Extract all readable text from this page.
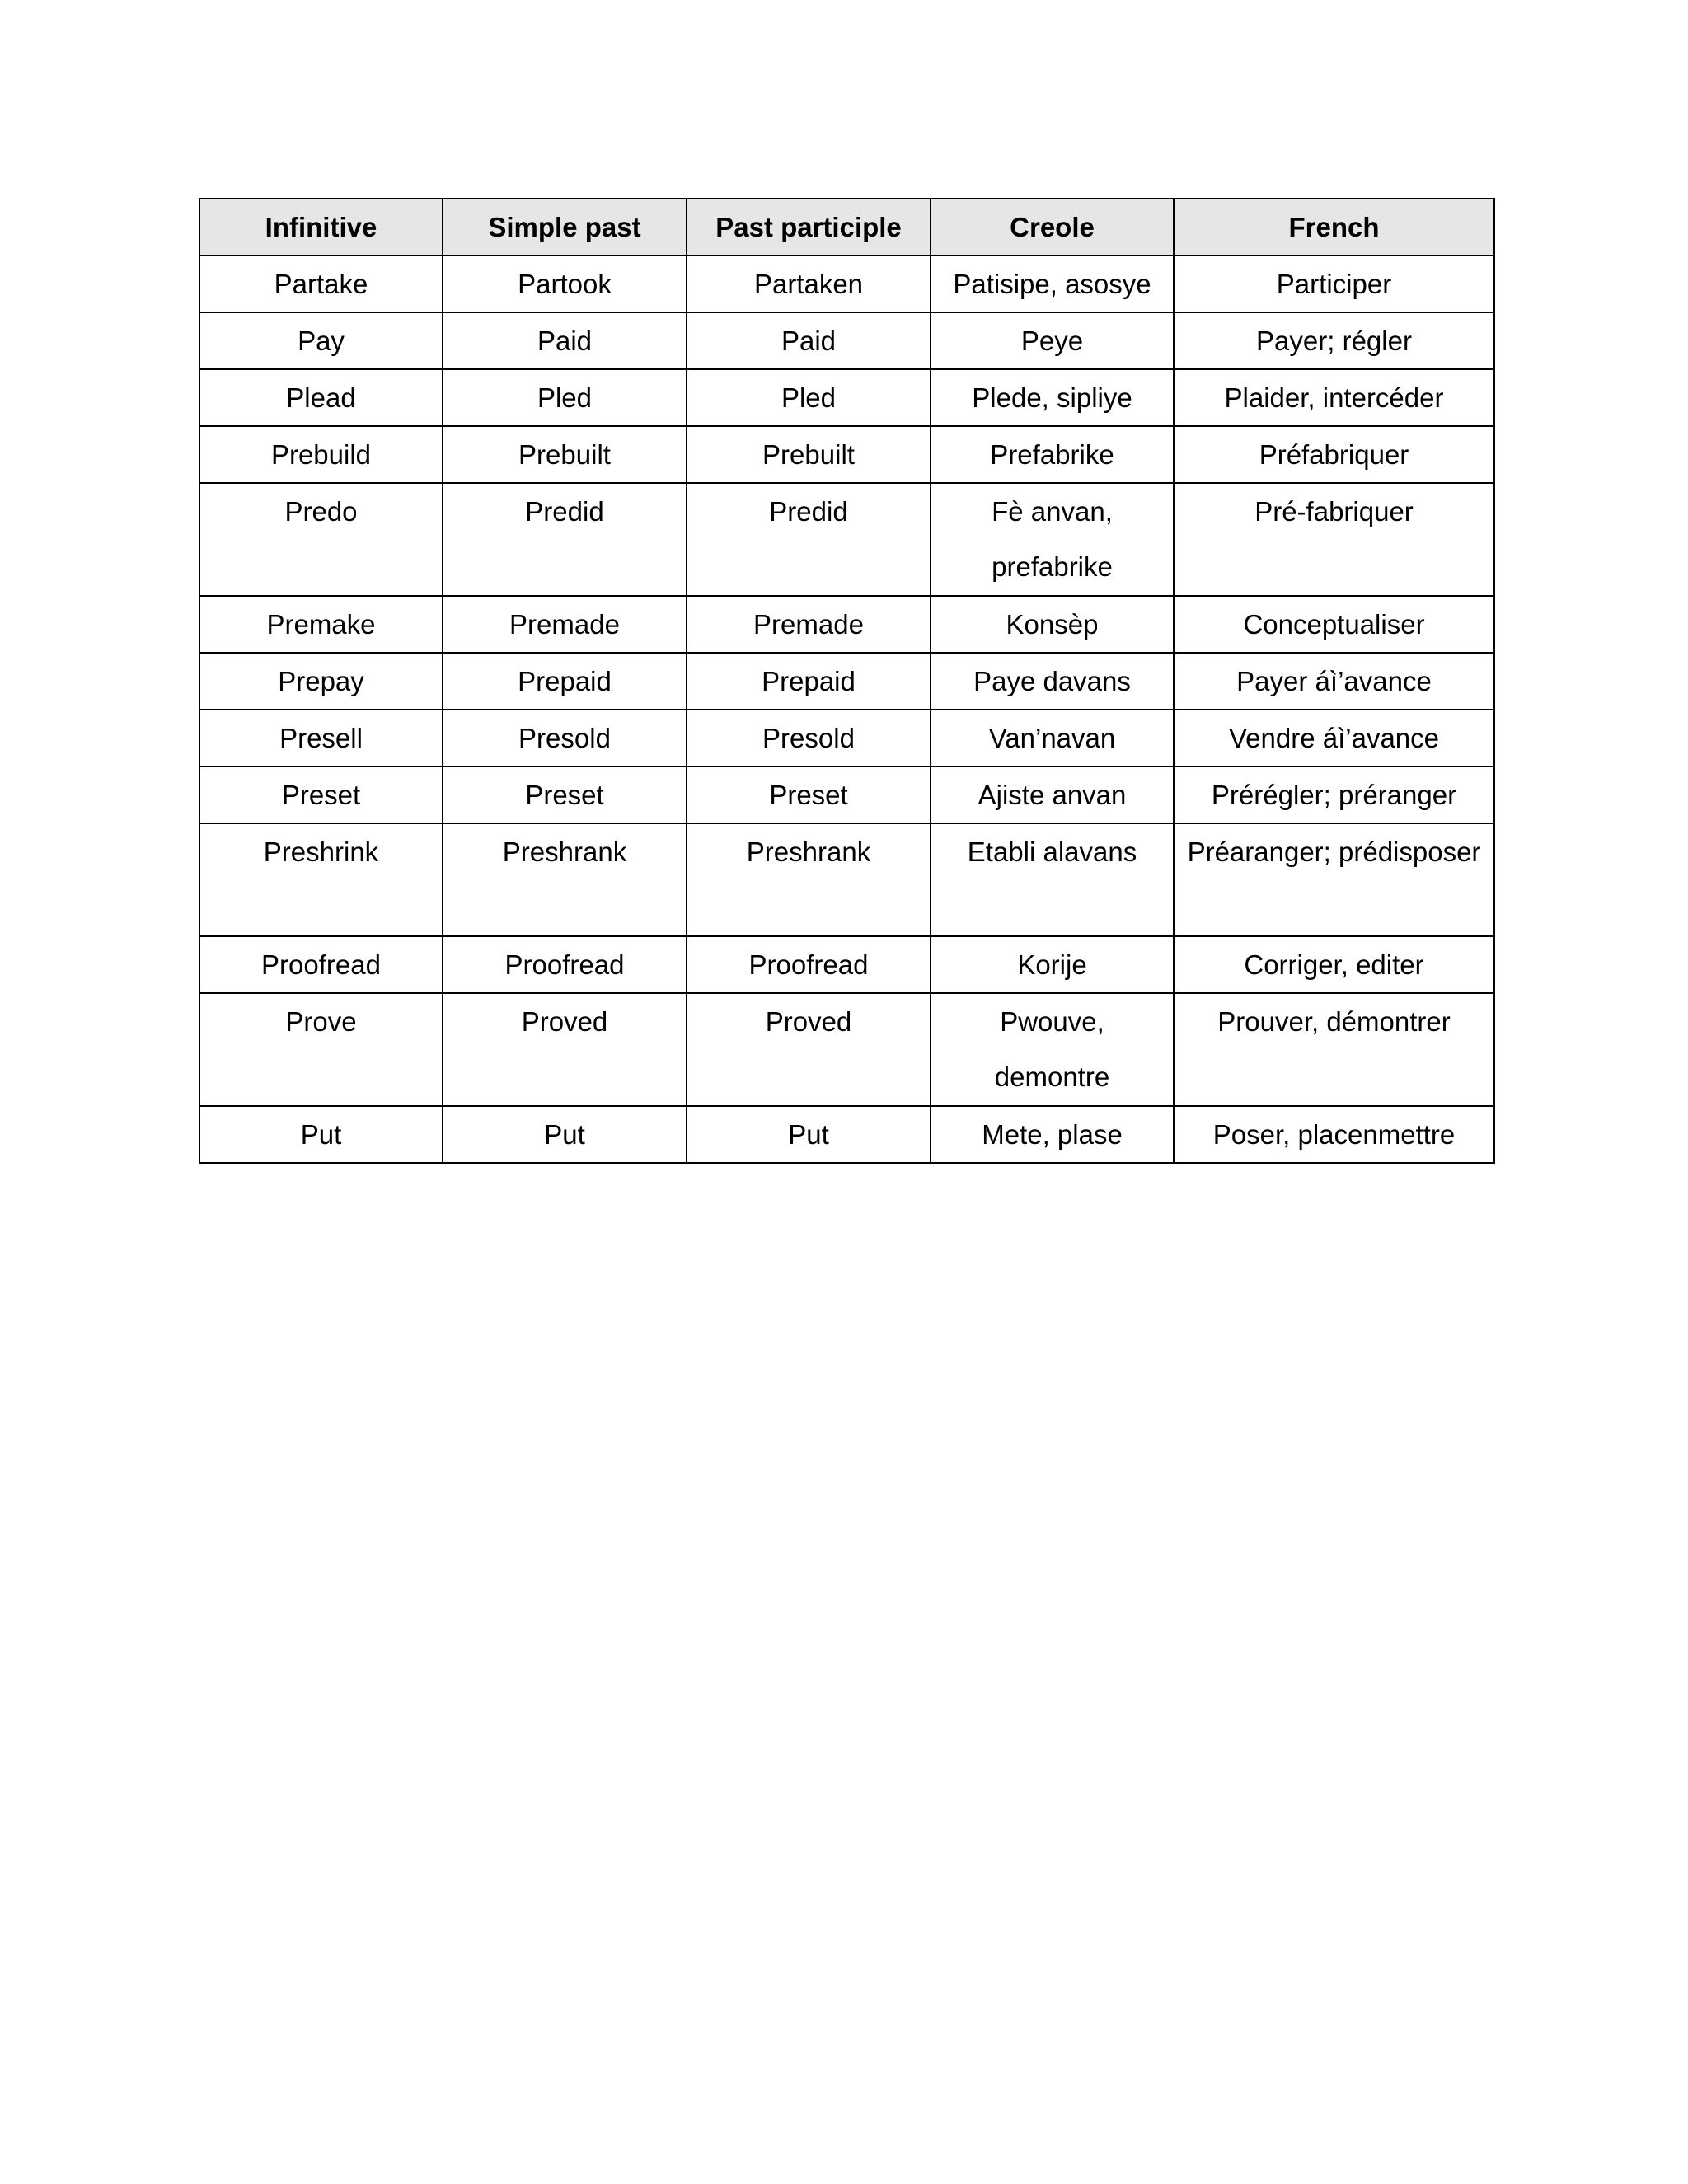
Infinitive	Simple past	Past participle	Creole	French
Partake	Partook	Partaken	Patisipe, asosye	Participer
Pay	Paid	Paid	Peye	Payer; régler
Plead	Pled	Pled	Plede, sipliye	Plaider, intercéder
Prebuild	Prebuilt	Prebuilt	Prefabrike	Préfabriquer
Predo	Predid	Predid	Fè anvan, prefabrike	Pré-fabriquer
Premake	Premade	Premade	Konsèp	Conceptualiser
Prepay	Prepaid	Prepaid	Paye davans	Payer áì’avance
Presell	Presold	Presold	Van’navan	Vendre áì’avance
Preset	Preset	Preset	Ajiste anvan	Prérégler; préranger
Preshrink	Preshrank	Preshrank	Etabli alavans	Préaranger; prédisposer
Proofread	Proofread	Proofread	Korije	Corriger, editer
Prove	Proved	Proved	Pwouve, demontre	Prouver, démontrer
Put	Put	Put	Mete, plase	Poser, placenmettre
